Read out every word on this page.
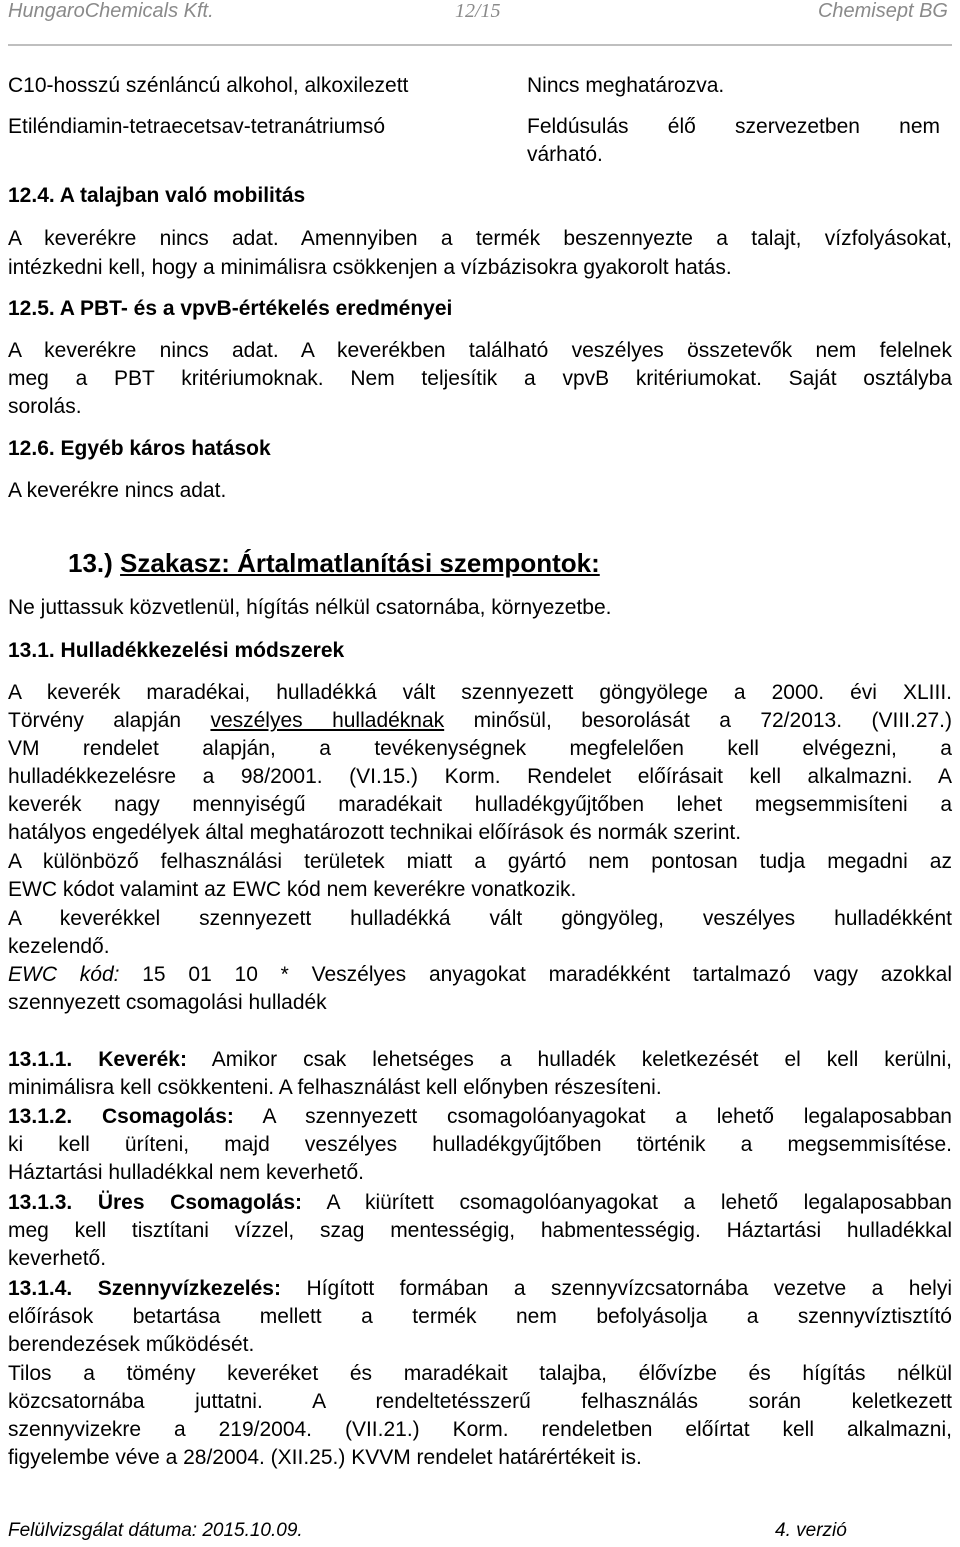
HungaroChemicals Kft.	12/15	Chemisept BG
C10-hosszú szénláncú alkohol, alkoxilezett	Nincs meghatározva.
Etiléndiamin-tetraecetsav-tetranátriumsó	Feldúsulás élő szervezetben nem
várható.
12.4. A talajban való mobilitás
A keverékre nincs adat. Amennyiben a termék beszennyezte a talajt, vízfolyásokat,
intézkedni kell, hogy a minimálisra csökkenjen a vízbázisokra gyakorolt hatás.
12.5. A PBT- és a vpvB-értékelés eredményei
A keverékre nincs adat. A keverékben található veszélyes összetevők nem felelnek
meg a PBT kritériumoknak. Nem teljesítik a vpvB kritériumokat. Saját osztályba
sorolás.
12.6. Egyéb káros hatások
A keverékre nincs adat.
13.) Szakasz: Ártalmatlanítási szempontok:
Ne juttassuk közvetlenül, hígítás nélkül csatornába, környezetbe.
13.1. Hulladékkezelési módszerek
A keverék maradékai, hulladékká vált szennyezett göngyölege a 2000. évi XLIII.
Törvény alapján veszélyes hulladéknak minősül, besorolását a 72/2013. (VIII.27.)
VM rendelet alapján, a tevékenységnek megfelelően kell elvégezni, a
hulladékkezelésre a 98/2001. (VI.15.) Korm. Rendelet előírásait kell alkalmazni. A
keverék nagy mennyiségű maradékait hulladékgyűjtőben lehet megsemmisíteni a
hatályos engedélyek által meghatározott technikai előírások és normák szerint.
A különböző felhasználási területek miatt a gyártó nem pontosan tudja megadni az
EWC kódot valamint az EWC kód nem keverékre vonatkozik.
A keverékkel szennyezett hulladékká vált göngyöleg, veszélyes hulladékként
kezelendő.
EWC kód: 15 01 10 * Veszélyes anyagokat maradékként tartalmazó vagy azokkal
szennyezett csomagolási hulladék
13.1.1. Keverék: Amikor csak lehetséges a hulladék keletkezését el kell kerülni,
minimálisra kell csökkenteni. A felhasználást kell előnyben részesíteni.
13.1.2. Csomagolás: A szennyezett csomagolóanyagokat a lehető legalaposabban
ki kell üríteni, majd veszélyes hulladékgyűjtőben történik a megsemmisítése.
Háztartási hulladékkal nem keverhető.
13.1.3. Üres Csomagolás: A kiürített csomagolóanyagokat a lehető legalaposabban
meg kell tisztítani vízzel, szag mentességig, habmentességig. Háztartási hulladékkal
keverhető.
13.1.4. Szennyvízkezelés: Hígított formában a szennyvízcsatornába vezetve a helyi
előírások betartása mellett a termék nem befolyásolja a szennyvíztisztító
berendezések működését.
Tilos a tömény keveréket és maradékait talajba, élővízbe és hígítás nélkül
közcsatornába juttatni. A rendeltetésszerű felhasználás során keletkezett
szennyvizekre a 219/2004. (VII.21.) Korm. rendeletben előírtat kell alkalmazni,
figyelembe véve a 28/2004. (XII.25.) KVVM rendelet határértékeit is.
Felülvizsgálat dátuma: 2015.10.09.	4. verzió
